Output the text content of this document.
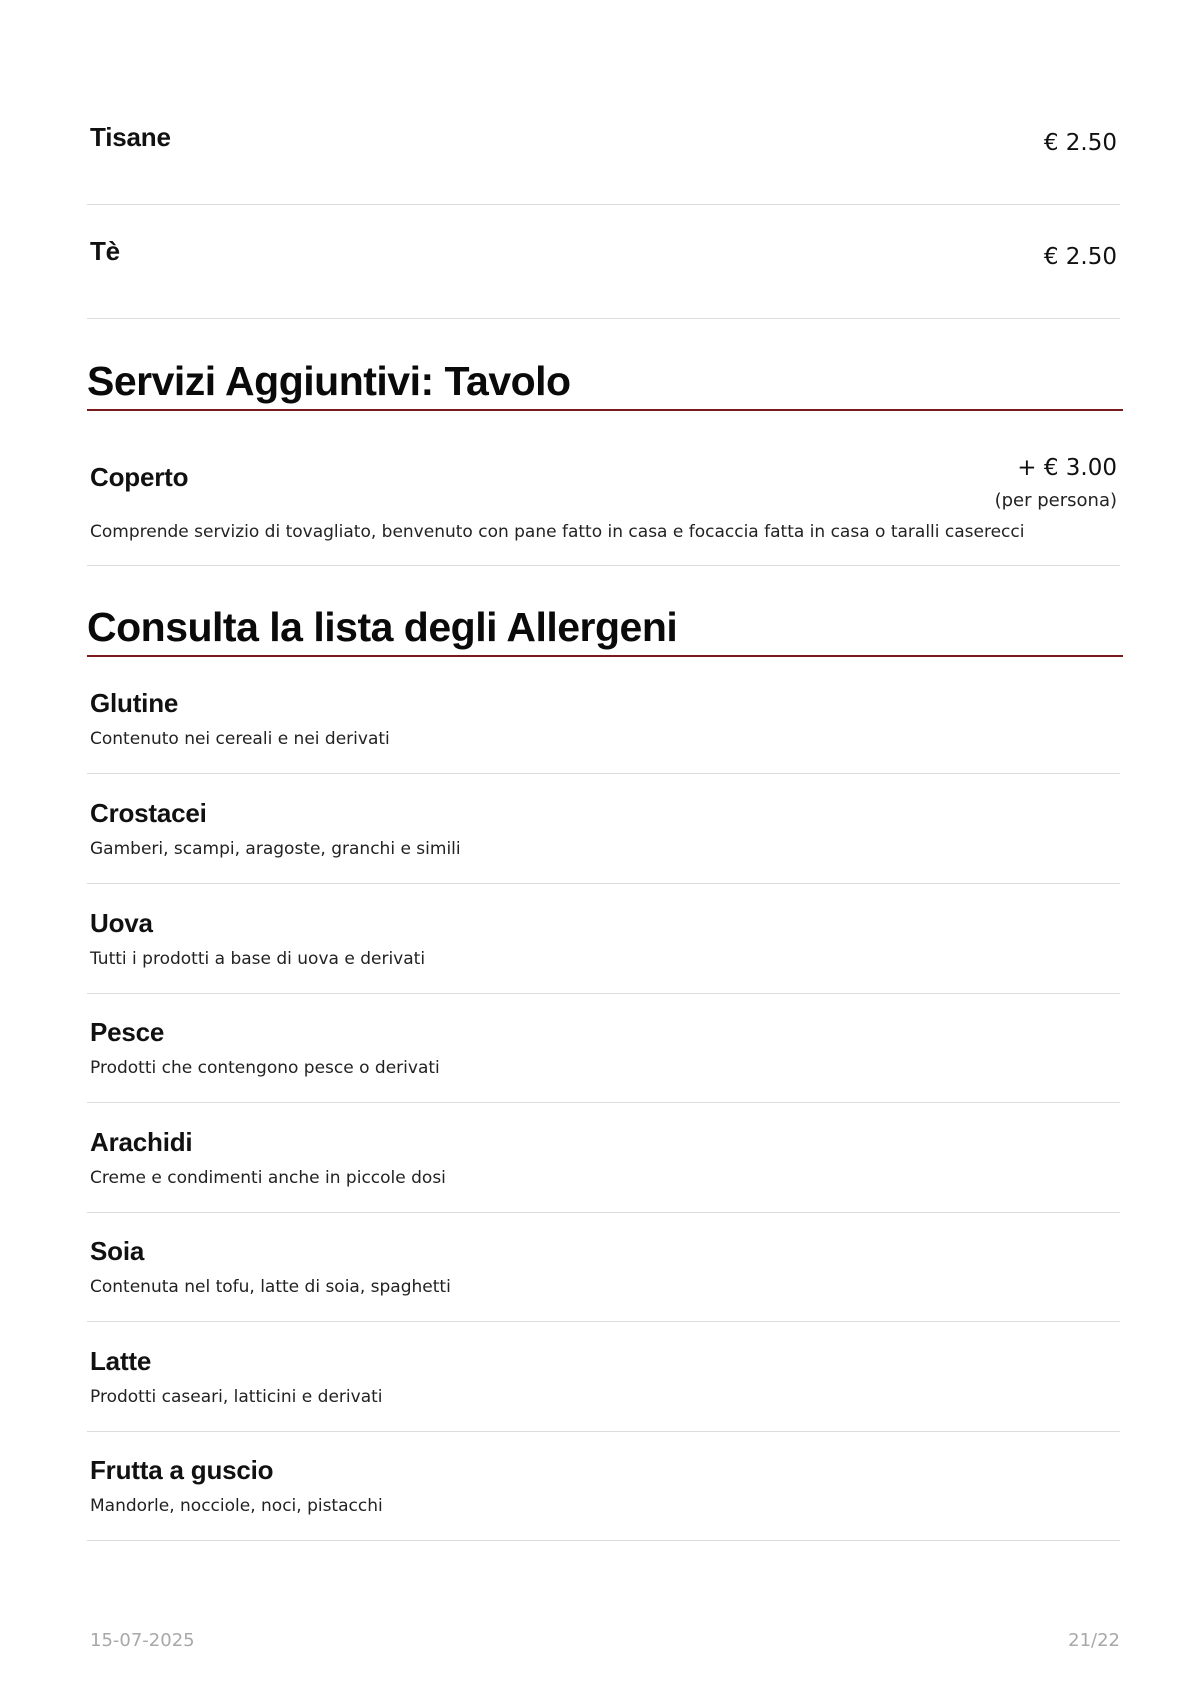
Tisane	€ 2.50
Tè	€ 2.50
Servizi Aggiuntivi: Tavolo
Coperto	+ € 3.00
(per persona)
Comprende servizio di tovagliato, benvenuto con pane fatto in casa e focaccia fatta in casa o taralli caserecci
Consulta la lista degli Allergeni
Glutine
Contenuto nei cereali e nei derivati
Crostacei
Gamberi, scampi, aragoste, granchi e simili
Uova
Tutti i prodotti a base di uova e derivati
Pesce
Prodotti che contengono pesce o derivati
Arachidi
Creme e condimenti anche in piccole dosi
Soia
Contenuta nel tofu, latte di soia, spaghetti
Latte
Prodotti caseari, latticini e derivati
Frutta a guscio
Mandorle, nocciole, noci, pistacchi
15-07-2025	21/22
